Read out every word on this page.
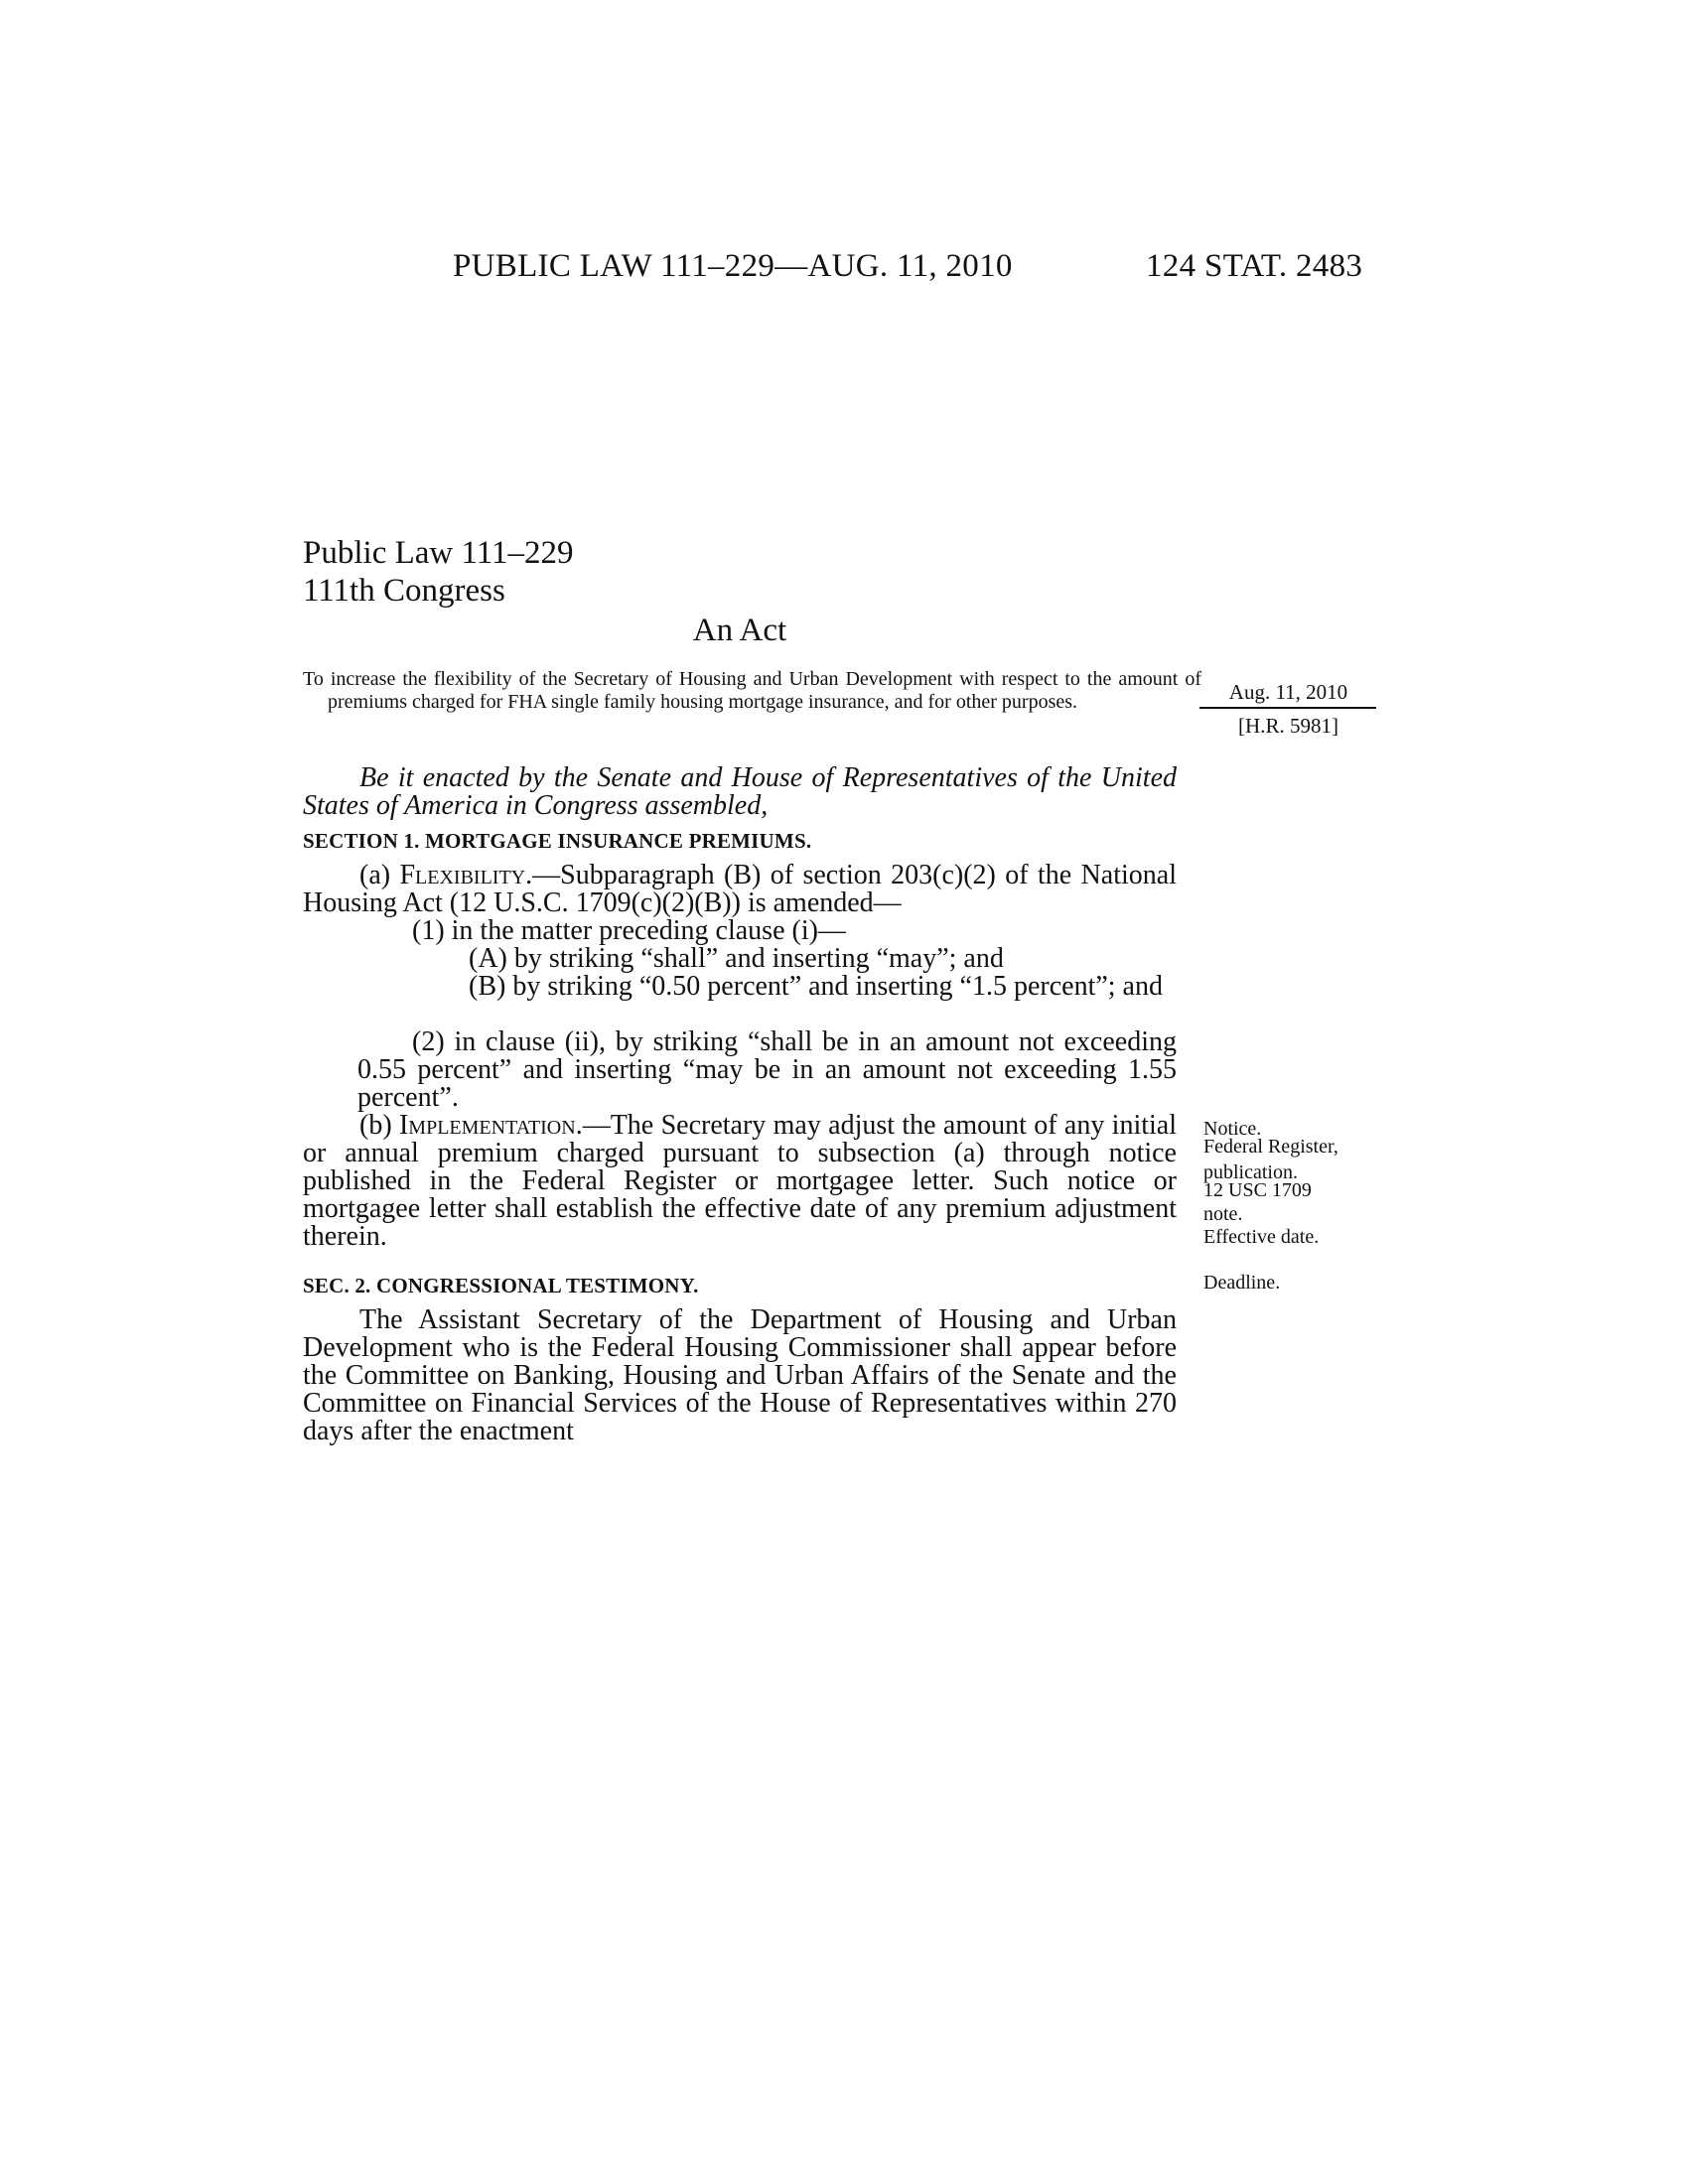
PUBLIC LAW 111–229—AUG. 11, 2010	124 STAT. 2483
Public Law 111–229
111th Congress
An Act
To increase the flexibility of the Secretary of Housing and Urban Development with respect to the amount of premiums charged for FHA single family housing mortgage insurance, and for other purposes.	Aug. 11, 2010
[H.R. 5981]
Be it enacted by the Senate and House of Representatives of the United States of America in Congress assembled,
SECTION 1. MORTGAGE INSURANCE PREMIUMS.
(a) Flexibility.—Subparagraph (B) of section 203(c)(2) of the National Housing Act (12 U.S.C. 1709(c)(2)(B)) is amended—
(1) in the matter preceding clause (i)—
(A) by striking “shall” and inserting “may”; and
(B) by striking “0.50 percent” and inserting “1.5 percent”; and
(2) in clause (ii), by striking “shall be in an amount not exceeding 0.55 percent” and inserting “may be in an amount not exceeding 1.55 percent”.
(b) Implementation.—The Secretary may adjust the amount of any initial or annual premium charged pursuant to subsection (a) through notice published in the Federal Register or mortgagee letter. Such notice or mortgagee letter shall establish the effective date of any premium adjustment therein.
SEC. 2. CONGRESSIONAL TESTIMONY.
The Assistant Secretary of the Department of Housing and Urban Development who is the Federal Housing Commissioner shall appear before the Committee on Banking, Housing and Urban Affairs of the Senate and the Committee on Financial Services of the House of Representatives within 270 days after the enactment
Notice.
Federal Register,
publication.
12 USC 1709
note.
Effective date.
Deadline.
